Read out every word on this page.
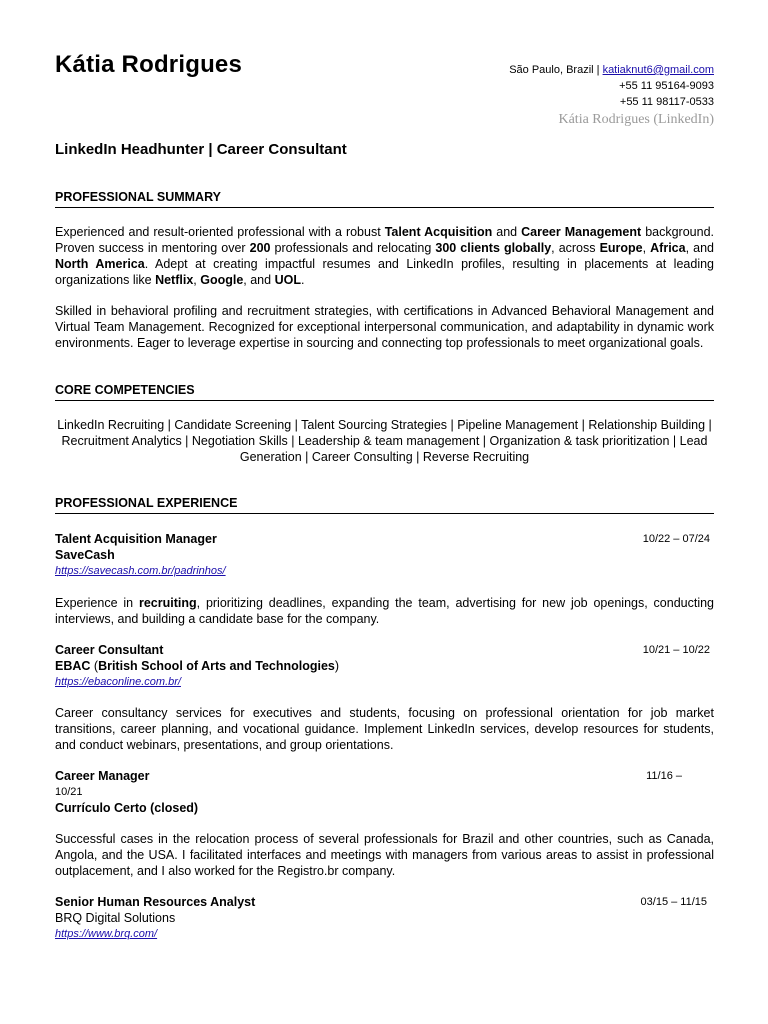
Kátia Rodrigues	São Paulo, Brazil | katiaknut6@gmail.com
+55 11 95164-9093
+55 11 98117-0533
Kátia Rodrigues (LinkedIn)
LinkedIn Headhunter | Career Consultant
PROFESSIONAL SUMMARY
Experienced and result-oriented professional with a robust Talent Acquisition and Career Management background. Proven success in mentoring over 200 professionals and relocating 300 clients globally, across Europe, Africa, and North America. Adept at creating impactful resumes and LinkedIn profiles, resulting in placements at leading organizations like Netflix, Google, and UOL.
Skilled in behavioral profiling and recruitment strategies, with certifications in Advanced Behavioral Management and Virtual Team Management. Recognized for exceptional interpersonal communication, and adaptability in dynamic work environments. Eager to leverage expertise in sourcing and connecting top professionals to meet organizational goals.
CORE COMPETENCIES
LinkedIn Recruiting | Candidate Screening | Talent Sourcing Strategies | Pipeline Management | Relationship Building | Recruitment Analytics | Negotiation Skills | Leadership & team management | Organization & task prioritization | Lead Generation | Career Consulting | Reverse Recruiting
PROFESSIONAL EXPERIENCE
Talent Acquisition Manager
SaveCash
https://savecash.com.br/padrinhos/
10/22 – 07/24
Experience in recruiting, prioritizing deadlines, expanding the team, advertising for new job openings, conducting interviews, and building a candidate base for the company.
Career Consultant
EBAC (British School of Arts and Technologies)
https://ebaconline.com.br/
10/21 – 10/22
Career consultancy services for executives and students, focusing on professional orientation for job market transitions, career planning, and vocational guidance. Implement LinkedIn services, develop resources for students, and conduct webinars, presentations, and group orientations.
Career Manager
10/21
Currículo Certo (closed)
11/16 –
Successful cases in the relocation process of several professionals for Brazil and other countries, such as Canada, Angola, and the USA. I facilitated interfaces and meetings with managers from various areas to assist in professional outplacement, and I also worked for the Registro.br company.
Senior Human Resources Analyst
BRQ Digital Solutions
https://www.brq.com/
03/15 – 11/15
